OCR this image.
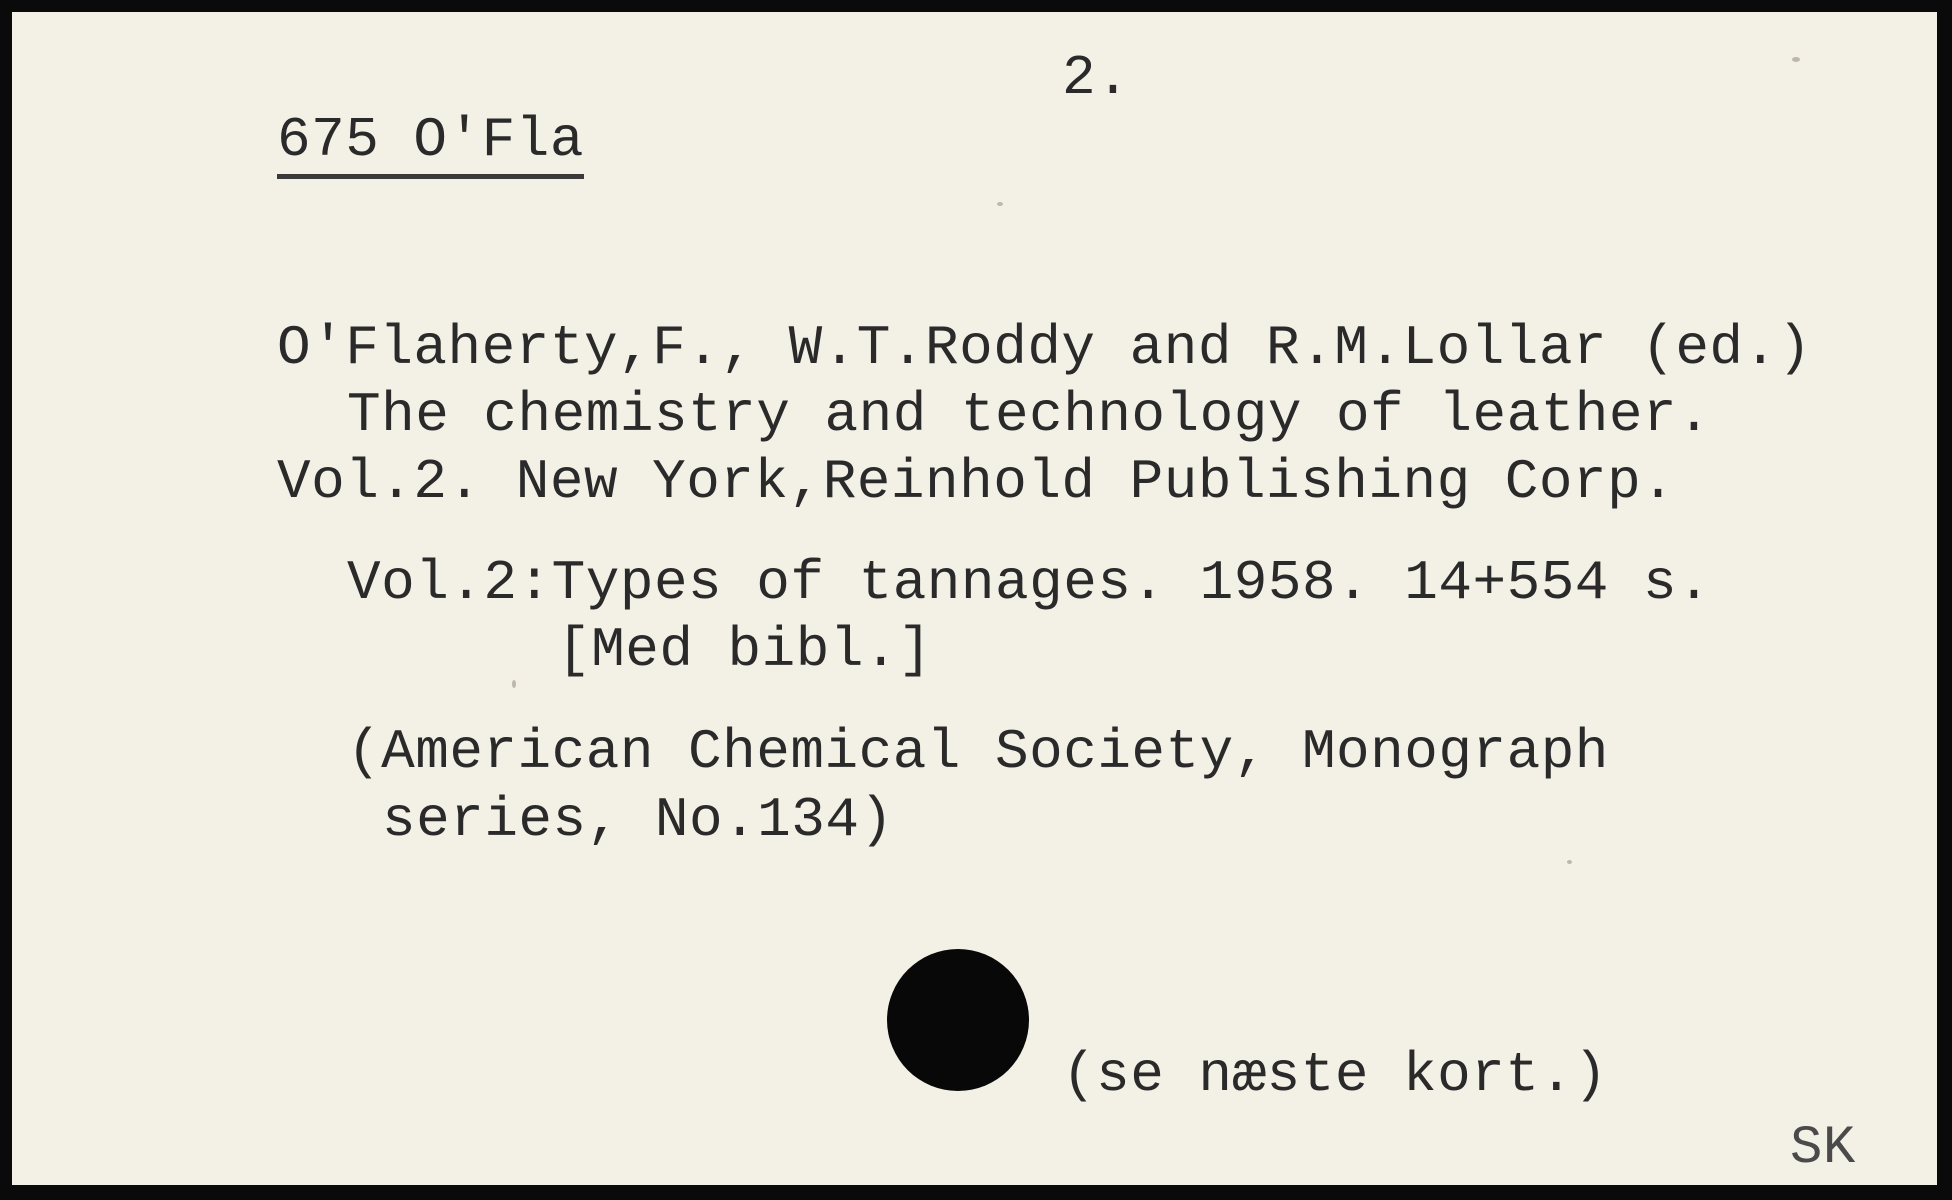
675 O'Fla
2.
O'Flaherty,F., W.T.Roddy and R.M.Lollar (ed.)
The chemistry and technology of leather.
Vol.2. New York,Reinhold Publishing Corp.
Vol.2:Types of tannages. 1958. 14+554 s.
[Med bibl.]
(American Chemical Society, Monograph
series, No.134)
(se næste kort.)
SK
